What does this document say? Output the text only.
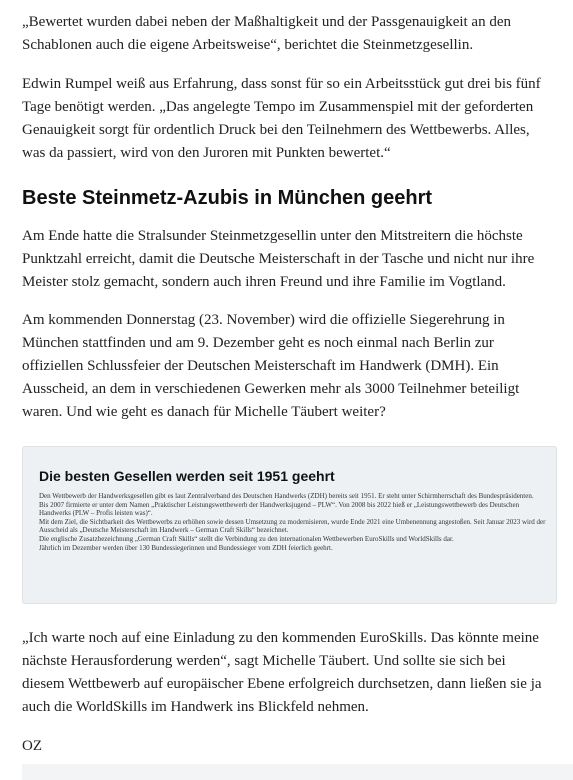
„Bewertet wurden dabei neben der Maßhaltigkeit und der Passgenauigkeit an den Schablonen auch die eigene Arbeitsweise“, berichtet die Steinmetzgesellin.

Edwin Rumpel weiß aus Erfahrung, dass sonst für so ein Arbeitsstück gut drei bis fünf Tage benötigt werden. „Das angelegte Tempo im Zusammenspiel mit der geforderten Genauigkeit sorgt für ordentlich Druck bei den Teilnehmern des Wettbewerbs. Alles, was da passiert, wird von den Juroren mit Punkten bewertet.“

Beste Steinmetz-Azubis in München geehrt

Am Ende hatte die Stralsunder Steinmetzgesellin unter den Mitstreitern die höchste Punktzahl erreicht, damit die Deutsche Meisterschaft in der Tasche und nicht nur ihre Meister stolz gemacht, sondern auch ihren Freund und ihre Familie im Vogtland.

Am kommenden Donnerstag (23. November) wird die offizielle Siegerehrung in München stattfinden und am 9. Dezember geht es noch einmal nach Berlin zur offiziellen Schlussfeier der Deutschen Meisterschaft im Handwerk (DMH). Ein Ausscheid, an dem in verschiedenen Gewerken mehr als 3000 Teilnehmer beteiligt waren. Und wie geht es danach für Michelle Täubert weiter?

Die besten Gesellen werden seit 1951 geehrt
Den Wettbewerb der Handwerksgesellen gibt es laut Zentralverband des Deutschen Handwerks (ZDH) bereits seit 1951. Er steht unter Schirmherrschaft des Bundespräsidenten.
Bis 2007 firmierte er unter dem Namen „Praktischer Leistungswettbewerb der Handwerksjugend – PLW“. Von 2008 bis 2022 hieß er „Leistungswettbewerb des Deutschen Handwerks (PLW – Profis leisten was)“.
Mit dem Ziel, die Sichtbarkeit des Wettbewerbs zu erhöhen sowie dessen Umsetzung zu modernisieren, wurde Ende 2021 eine Umbenennung angestoßen. Seit Januar 2023 wird der Ausscheid als „Deutsche Meisterschaft im Handwerk – German Craft Skills“ bezeichnet.
Die englische Zusatzbezeichnung „German Craft Skills“ stellt die Verbindung zu den internationalen Wettbewerben EuroSkills und WorldSkills dar.
Jährlich im Dezember werden über 130 Bundessiegerinnen und Bundessieger vom ZDH feierlich geehrt.

„Ich warte noch auf eine Einladung zu den kommenden EuroSkills. Das könnte meine nächste Herausforderung werden“, sagt Michelle Täubert. Und sollte sie sich bei diesem Wettbewerb auf europäischer Ebene erfolgreich durchsetzen, dann ließen sie ja auch die WorldSkills im Handwerk ins Blickfeld nehmen.

OZ
